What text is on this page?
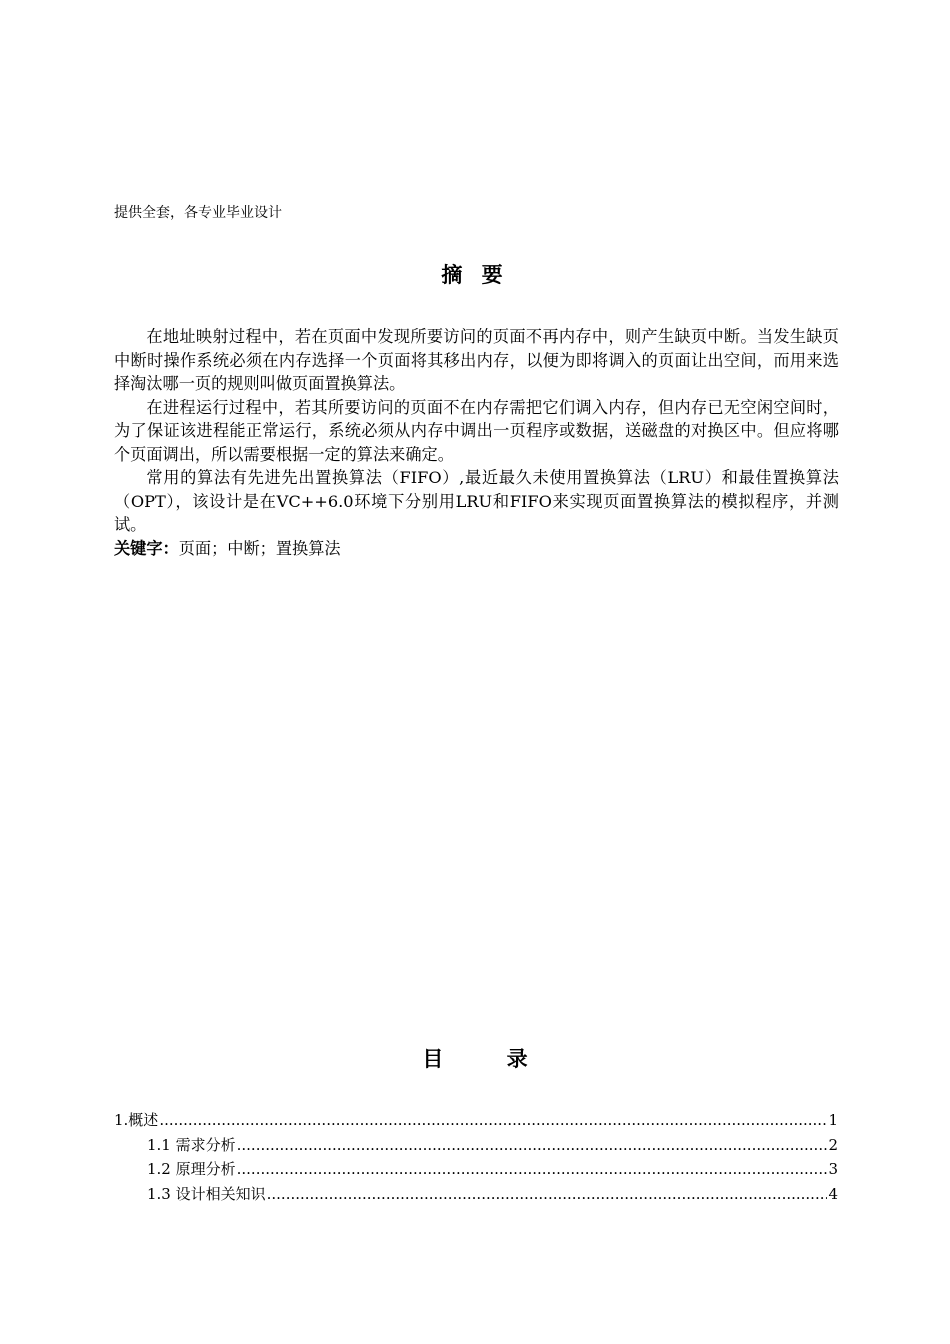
提供全套，各专业毕业设计
摘 要

在地址映射过程中，若在页面中发现所要访问的页面不再内存中，则产生缺页中断。当发生缺页中断时操作系统必须在内存选择一个页面将其移出内存，以便为即将调入的页面让出空间，而用来选择淘汰哪一页的规则叫做页面置换算法。

在进程运行过程中，若其所要访问的页面不在内存需把它们调入内存，但内存已无空闲空间时，为了保证该进程能正常运行，系统必须从内存中调出一页程序或数据，送磁盘的对换区中。但应将哪个页面调出，所以需要根据一定的算法来确定。

常用的算法有先进先出置换算法（FIFO）,最近最久未使用置换算法（LRU）和最佳置换算法（OPT），该设计是在VC++6.0环境下分别用LRU和FIFO来实现页面置换算法的模拟程序，并测试。

关键字：页面；中断；置换算法
目 录
1.概述 .....	1
1.1 需求分析 .....	2
1.2 原理分析 .....	3
1.3 设计相关知识 .....	4
